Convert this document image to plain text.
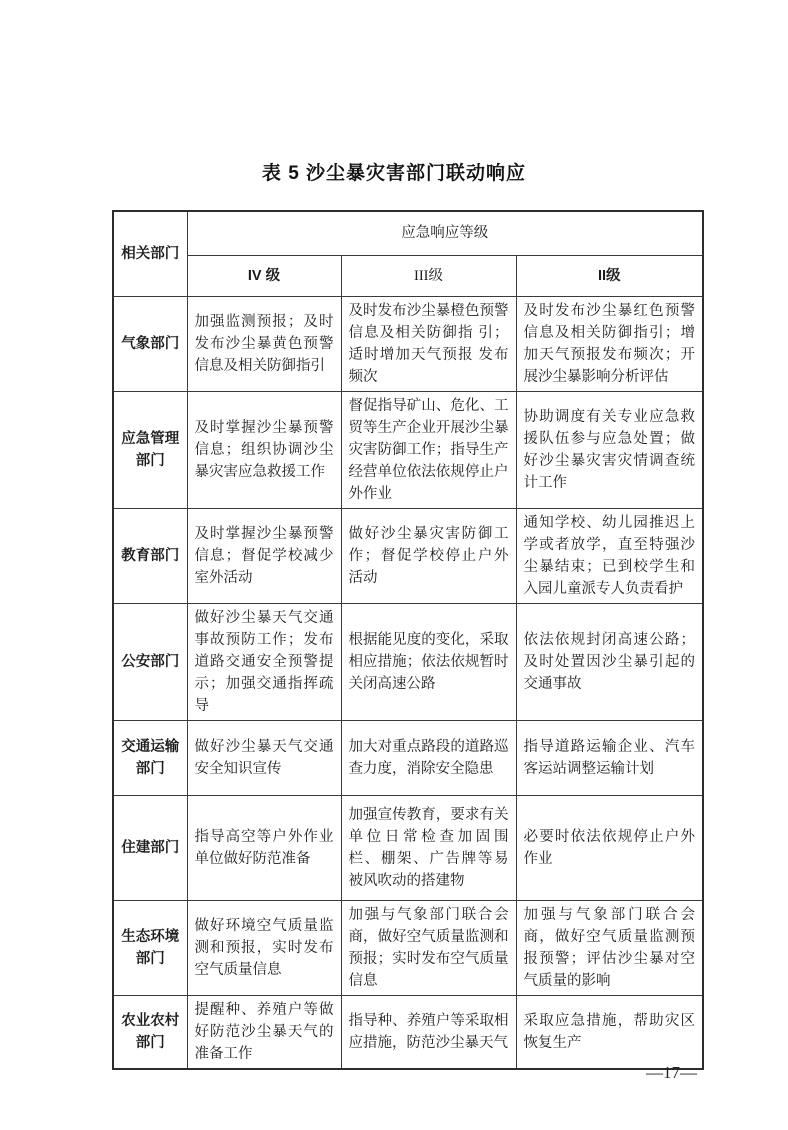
表 5 沙尘暴灾害部门联动响应
相关部门	应急响应等级		
	IV 级	III级	II级
气象部门	加强监测预报；及时发布沙尘暴黄色预警信息及相关防御指引	及时发布沙尘暴橙色预警信息及相关防御指 引；适时增加天气预报 发布频次	及时发布沙尘暴红色预警信息及相关防御指引；增加天气预报发布频次；开展沙尘暴影响分析评估
应急管理部门	及时掌握沙尘暴预警信息；组织协调沙尘暴灾害应急救援工作	督促指导矿山、危化、工贸等生产企业开展沙尘暴灾害防御工作；指导生产经营单位依法依规停止户外作业	协助调度有关专业应急救援队伍参与应急处置；做好沙尘暴灾害灾情调查统计工作
教育部门	及时掌握沙尘暴预警信息；督促学校减少室外活动	做好沙尘暴灾害防御工 作；督促学校停止户外 活动	通知学校、幼儿园推迟上学或者放学，直至特强沙尘暴结束；已到校学生和入园儿童派专人负责看护
公安部门	做好沙尘暴天气交通事故预防工作；发布道路交通安全预警提示；加强交通指挥疏导	根据能见度的变化，采取相应措施；依法依规暂时关闭高速公路	依法依规封闭高速公路；及时处置因沙尘暴引起的交通事故
交通运输部门	做好沙尘暴天气交通安全知识宣传	加大对重点路段的道路巡查力度，消除安全隐患	指导道路运输企业、汽车客运站调整运输计划
住建部门	指导高空等户外作业单位做好防范准备	加强宣传教育，要求有关单位日常检查加固围 栏、棚架、广告牌等易 被风吹动的搭建物	必要时依法依规停止户外 作业
生态环境部门	做好环境空气质量监测和预报，实时发布空气质量信息	加强与气象部门联合会商，做好空气质量监测和预报；实时发布空气质量信息	加强与气象部门联合会商，做好空气质量监测预报预警；评估沙尘暴对空气质量的影响
农业农村部门	提醒种、养殖户等做好防范沙尘暴天气的准备工作	指导种、养殖户等采取相应措施，防范沙尘暴天气	采取应急措施，帮助灾区恢复生产
—17—
